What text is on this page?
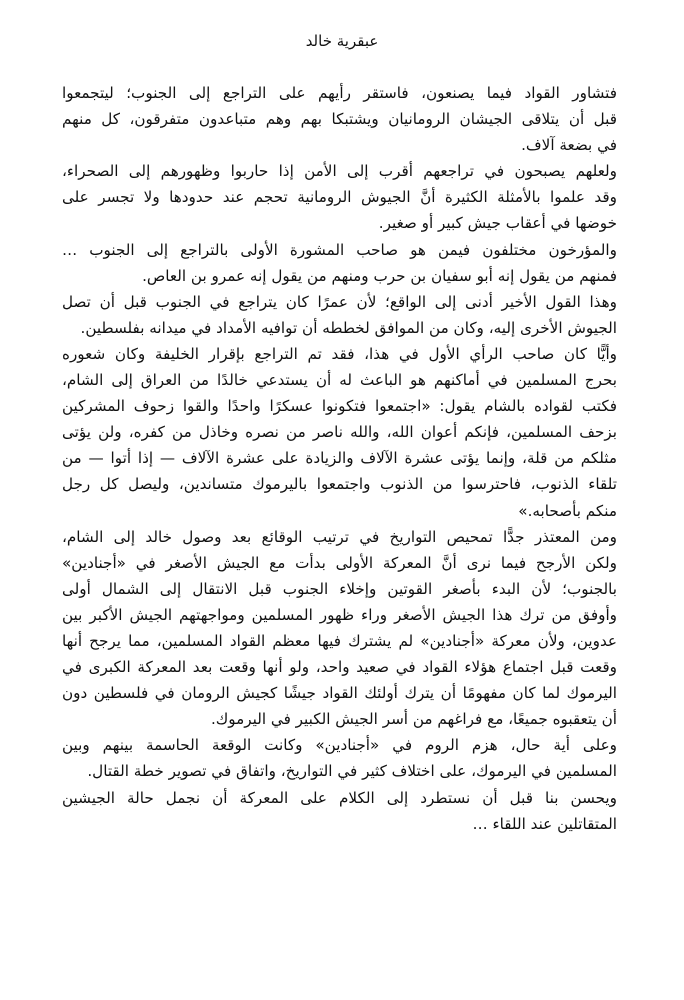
عبقرية خالد

فتشاور القواد فيما يصنعون، فاستقر رأيهم على التراجع إلى الجنوب؛ ليتجمعوا
قبل أن يتلاقى الجيشان الرومانيان ويشتبكا بهم وهم متباعدون متفرقون، كل منهم
في بضعة آلاف.

ولعلهم يصبحون في تراجعهم أقرب إلى الأمن إذا حاربوا وظهورهم إلى الصحراء،
وقد علموا بالأمثلة الكثيرة أنَّ الجيوش الرومانية تحجم عند حدودها ولا تجسر على
خوضها في أعقاب جيش كبير أو صغير.

والمؤرخون مختلفون فيمن هو صاحب المشورة الأولى بالتراجع إلى الجنوب …
فمنهم من يقول إنه أبو سفيان بن حرب ومنهم من يقول إنه عمرو بن العاص.

وهذا القول الأخير أدنى إلى الواقع؛ لأن عمرًا كان يتراجع في الجنوب قبل أن تصل
الجيوش الأخرى إليه، وكان من الموافق لخططه أن توافيه الأمداد في ميدانه بفلسطين.

وأيًّا كان صاحب الرأي الأول في هذا، فقد تم التراجع بإقرار الخليفة وكان شعوره
بحرج المسلمين في أماكنهم هو الباعث له أن يستدعي خالدًا من العراق إلى الشام،
فكتب لقواده بالشام يقول: «اجتمعوا فتكونوا عسكرًا واحدًا والقوا زحوف المشركين
بزحف المسلمين، فإنكم أعوان الله، والله ناصر من نصره وخاذل من كفره، ولن يؤتى
مثلكم من قلة، وإنما يؤتى عشرة الآلاف والزيادة على عشرة الآلاف — إذا أتوا — من
تلقاء الذنوب، فاحترسوا من الذنوب واجتمعوا باليرموك متساندين، وليصل كل رجل
منكم بأصحابه.»

ومن المعتذر جدًّا تمحيص التواريخ في ترتيب الوقائع بعد وصول خالد إلى الشام،
ولكن الأرجح فيما نرى أنَّ المعركة الأولى بدأت مع الجيش الأصغر في «أجنادين»
بالجنوب؛ لأن البدء بأصغر القوتين وإخلاء الجنوب قبل الانتقال إلى الشمال أولى
وأوفق من ترك هذا الجيش الأصغر وراء ظهور المسلمين ومواجهتهم الجيش الأكبر بين
عدوين، ولأن معركة «أجنادين» لم يشترك فيها معظم القواد المسلمين، مما يرجح أنها
وقعت قبل اجتماع هؤلاء القواد في صعيد واحد، ولو أنها وقعت بعد المعركة الكبرى في
اليرموك لما كان مفهومًا أن يترك أولئك القواد جيشًا كجيش الرومان في فلسطين دون
أن يتعقبوه جميعًا، مع فراغهم من أسر الجيش الكبير في اليرموك.

وعلى أية حال، هزم الروم في «أجنادين» وكانت الوقعة الحاسمة بينهم وبين
المسلمين في اليرموك، على اختلاف كثير في التواريخ، واتفاق في تصوير خطة القتال.

ويحسن بنا قبل أن نستطرد إلى الكلام على المعركة أن نجمل حالة الجيشين
المتقاتلين عند اللقاء …
